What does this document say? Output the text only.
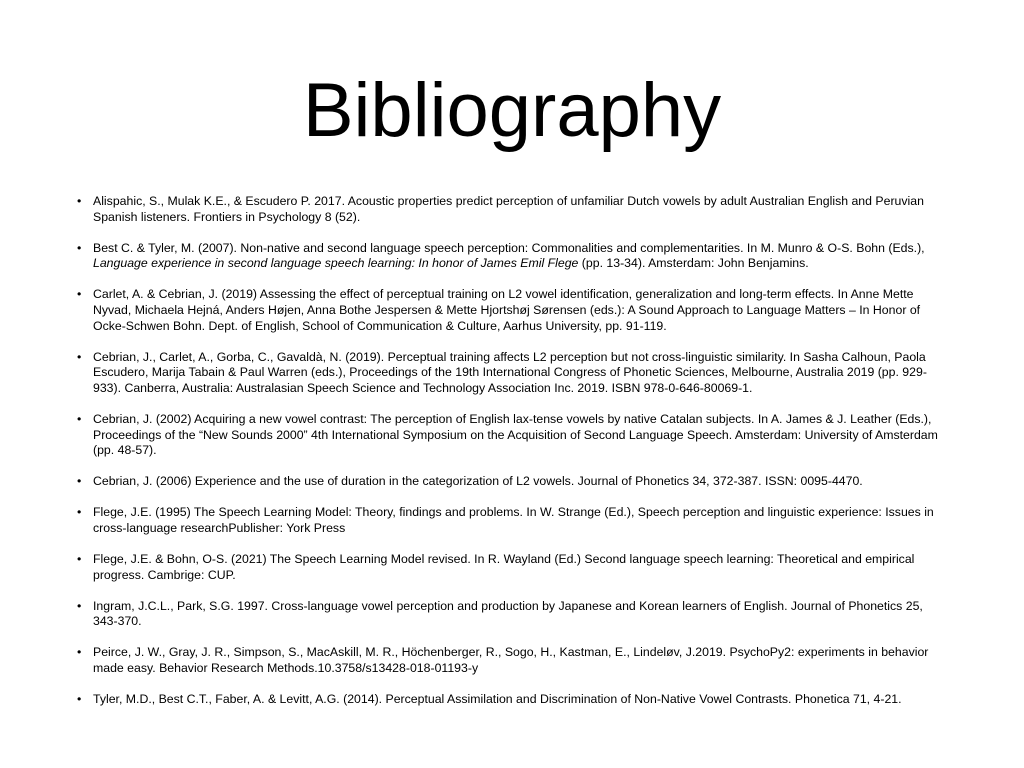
Bibliography
• Alispahic, S., Mulak K.E., & Escudero P. 2017. Acoustic properties predict perception of unfamiliar Dutch vowels by adult Australian English and Peruvian Spanish listeners. Frontiers in Psychology 8 (52).
• Best C. & Tyler, M. (2007). Non-native and second language speech perception: Commonalities and complementarities. In M. Munro & O-S. Bohn (Eds.), Language experience in second language speech learning: In honor of James Emil Flege (pp. 13-34). Amsterdam: John Benjamins.
• Carlet, A. & Cebrian, J. (2019) Assessing the effect of perceptual training on L2 vowel identification, generalization and long-term effects. In Anne Mette Nyvad, Michaela Hejná, Anders Højen, Anna Bothe Jespersen & Mette Hjortshøj Sørensen (eds.): A Sound Approach to Language Matters – In Honor of Ocke-Schwen Bohn. Dept. of English, School of Communication & Culture, Aarhus University, pp. 91-119.
• Cebrian, J., Carlet, A., Gorba, C., Gavaldà, N. (2019). Perceptual training affects L2 perception but not cross-linguistic similarity. In Sasha Calhoun, Paola Escudero, Marija Tabain & Paul Warren (eds.), Proceedings of the 19th International Congress of Phonetic Sciences, Melbourne, Australia 2019 (pp. 929-933). Canberra, Australia: Australasian Speech Science and Technology Association Inc. 2019. ISBN 978-0-646-80069-1.
• Cebrian, J. (2002) Acquiring a new vowel contrast: The perception of English lax-tense vowels by native Catalan subjects. In A. James & J. Leather (Eds.), Proceedings of the “New Sounds 2000” 4th International Symposium on the Acquisition of Second Language Speech. Amsterdam: University of Amsterdam (pp. 48-57).
• Cebrian, J. (2006) Experience and the use of duration in the categorization of L2 vowels. Journal of Phonetics 34, 372-387. ISSN: 0095-4470.
• Flege, J.E. (1995) The Speech Learning Model: Theory, findings and problems. In W. Strange (Ed.), Speech perception and linguistic experience: Issues in cross-language researchPublisher: York Press
• Flege, J.E. & Bohn, O-S. (2021) The Speech Learning Model revised. In R. Wayland (Ed.) Second language speech learning: Theoretical and empirical progress. Cambrige: CUP.
• Ingram, J.C.L., Park, S.G. 1997. Cross-language vowel perception and production by Japanese and Korean learners of English. Journal of Phonetics 25, 343-370.
• Peirce, J. W., Gray, J. R., Simpson, S., MacAskill, M. R., Höchenberger, R., Sogo, H., Kastman, E., Lindeløv, J.2019. PsychoPy2: experiments in behavior made easy. Behavior Research Methods.10.3758/s13428-018-01193-y
• Tyler, M.D., Best C.T., Faber, A. & Levitt, A.G. (2014). Perceptual Assimilation and Discrimination of Non-Native Vowel Contrasts. Phonetica 71, 4-21.
